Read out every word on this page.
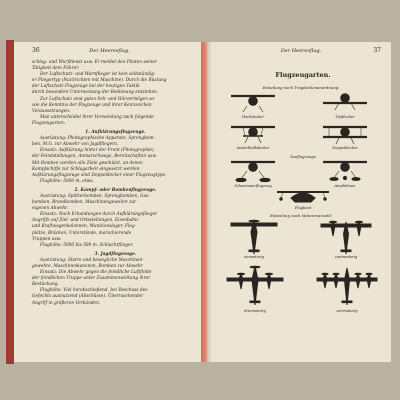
36	Der Heeresflug.

schlag- und Wurfdienst usw. Er meldet den Piloten seiner

Tätigkeit dem Führer.

Der Luftschutz- und Warnflieger ist kein selbständig-

er Fliegertyp (Nachrichten mit Maschine). Durch die Rüstung

der Luftschutz-Flugzeuge bei der heutigen Taktik

durch besondere Unterweisung der Bedienung entstehen.

Zur Luftschutz sind gutes Seh- und Hörvermögen so-

wie die Kenntnis der Flugzeuge und ihrer Kennzeichen

Voraussetzungen.

Man unterscheidet ihrer Verwendung nach folgende

Flugzeugarten:

1. Aufklärungsflugzeuge.

Ausrüstung: Photographische Apparate, Sprengbom-

ben, M.G. zur Abwehr von Jagdfliegern.

Einsatz: Aufklärung hinter der Front (Photographie)

der Feindstellungen, Anmarschwege, Bereitschaften usw.

Mit Bomben werden alle Ziele geschützt, an denen

Kampfschiffe zur Schlagarbeit eingesetzt werden.

Aufklärungsflugzeuge sind Doppeldecker einer Flugzeugtype.

Flughöhe: 5000 m. etwa.

2. Kampf- oder Bombenflugzeuge.

Ausrüstung: Splitterbomben, Sprengbomben, Gas-

bomben, Brandbomben, Maschinengewehre zur

eigenen Abwehr.

Einsatz: Nach Erkundungen durch Aufklärungsflieger

Angriffe auf Ziel- und Ortsstellungen, Eisenbahn-

und Kraftwagenkolonnen, Munitionslager, Flug-

plätze, Brücken, Unterstände, marschierende

Truppen usw.

Flughöhe: 5000 bis 500 m. Schlachtflieger.

3. Jagdflugzeuge.

Ausrüstung: Starre und bewegliche Maschinen-

gewehre, Maschinenkanonen, Bomben zur Abwehr

Einsatz: Die Abwehr gegen die feindliche Luftflotte

der feindlichen Truppe unter Zusammenwirkung ihrer

Bestückung.

Flughöhe: Viel herabschießend, bei Beschuss des

Gefechts ausnutzend (Abschüsse). Überraschender

Angriff in größeren Verbänden.

Der Heeresflug.	37
Flugzeugarten.
Einteilung nach Tragdeckenanordnung:
Hochdecker	Tiefdecker
Anderthalbdecker	Doppeldecker
Seeflugzeuge
Schwimmerflugzeug	Amphibium
Flugboot
Einteilung nach Motorenanzahl:
einmotorig	zweimotorig
dreimotorig	viermotorig
